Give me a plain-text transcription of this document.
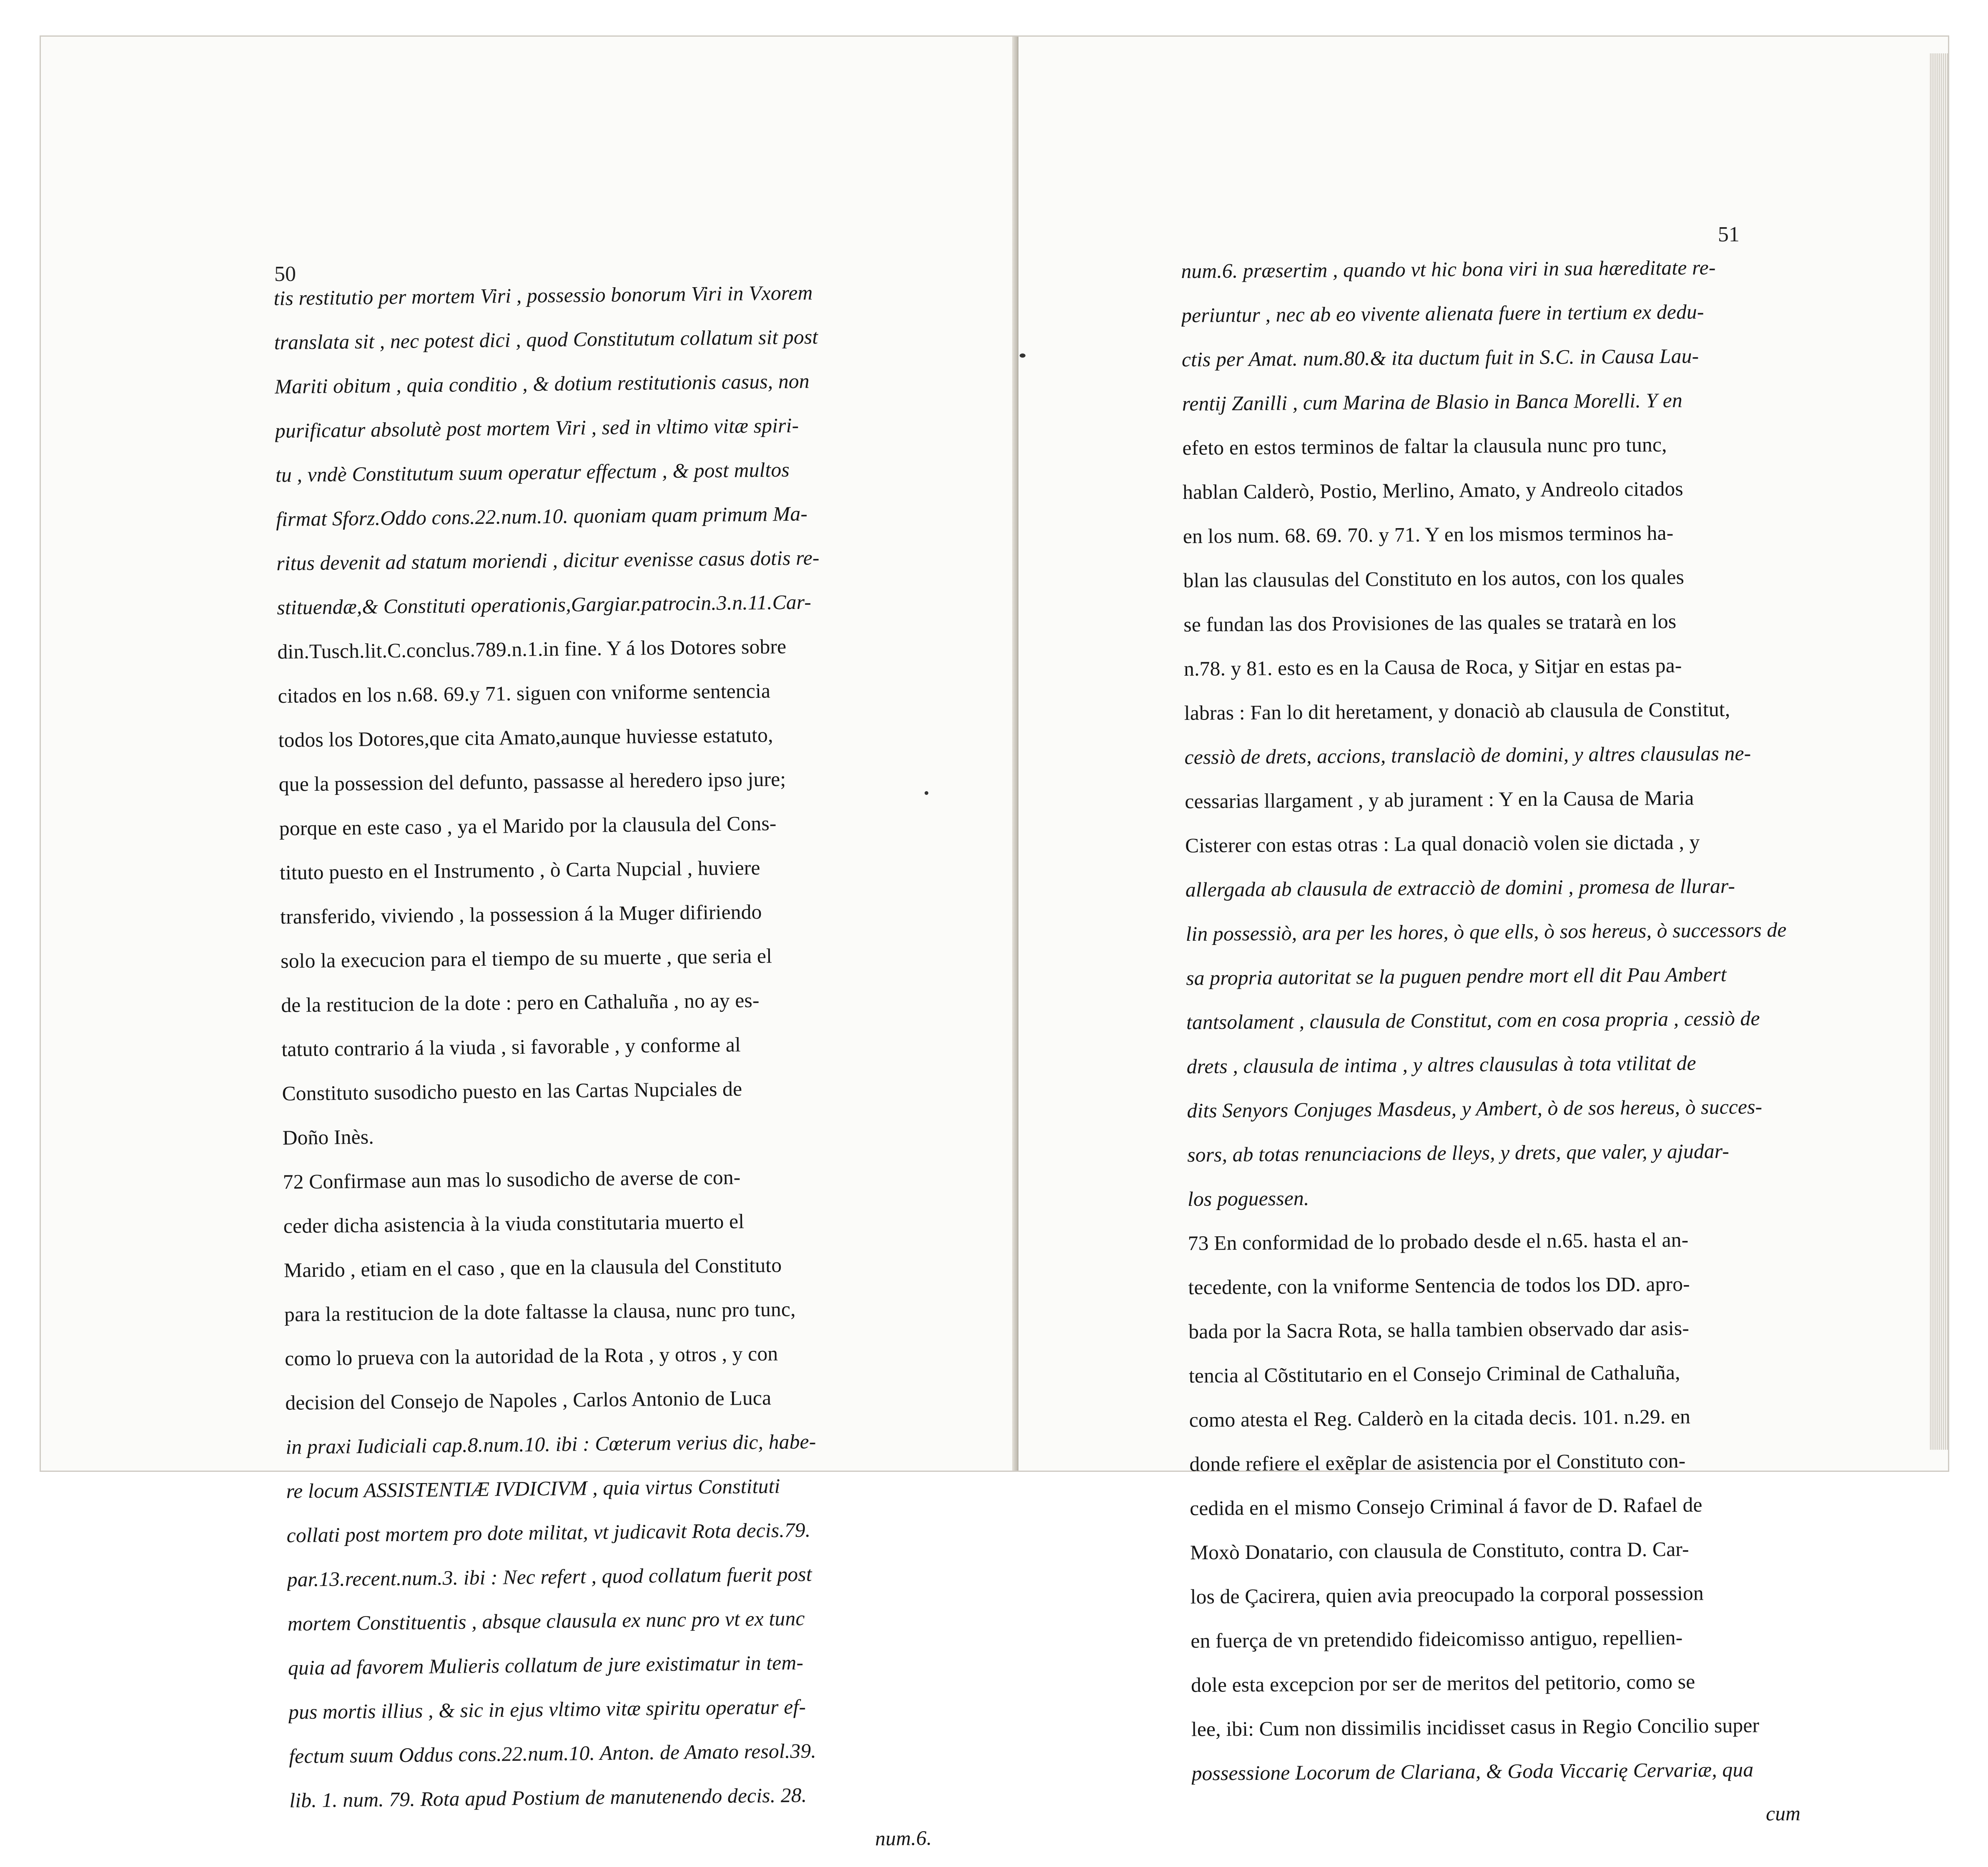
50
tis restitutio per mortem Viri , possessio bonorum Viri in Vxorem
translata sit , nec potest dici , quod Constitutum collatum sit post
Mariti obitum , quia conditio , & dotium restitutionis casus, non
purificatur absolutè post mortem Viri , sed in vltimo vitæ spiri-
tu , vndè Constitutum suum operatur effectum , & post multos
firmat Sforz.Oddo cons.22.num.10. quoniam quam primum Ma-
ritus devenit ad statum moriendi , dicitur evenisse casus dotis re-
stituendæ,& Constituti operationis,Gargiar.patrocin.3.n.11.Car-
din.Tusch.lit.C.conclus.789.n.1.in fine. Y á los Dotores sobre
citados en los n.68. 69.y 71. siguen con vniforme sentencia
todos los Dotores,que cita Amato,aunque huviesse estatuto,
que la possession del defunto, passasse al heredero ipso jure;
porque en este caso , ya el Marido por la clausula del Cons-
tituto puesto en el Instrumento , ò Carta Nupcial , huviere
transferido, viviendo , la possession á la Muger difiriendo
solo la execucion para el tiempo de su muerte , que seria el
de la restitucion de la dote : pero en Cathaluña , no ay es-
tatuto contrario á la viuda , si favorable , y conforme al
Constituto susodicho puesto en las Cartas Nupciales de
Doño Inès.
72 Confirmase aun mas lo susodicho de averse de con-
ceder dicha asistencia à la viuda constitutaria muerto el
Marido , etiam en el caso , que en la clausula del Constituto
para la restitucion de la dote faltasse la clausa, nunc pro tunc,
como lo prueva con la autoridad de la Rota , y otros , y con
decision del Consejo de Napoles , Carlos Antonio de Luca
in praxi Iudiciali cap.8.num.10. ibi : Cœterum verius dic, habe-
re locum ASSISTENTIÆ IVDICIVM , quia virtus Constituti
collati post mortem pro dote militat, vt judicavit Rota decis.79.
par.13.recent.num.3. ibi : Nec refert , quod collatum fuerit post
mortem Constituentis , absque clausula ex nunc pro vt ex tunc
quia ad favorem Mulieris collatum de jure existimatur in tem-
pus mortis illius , & sic in ejus vltimo vitæ spiritu operatur ef-
fectum suum Oddus cons.22.num.10. Anton. de Amato resol.39.
lib. 1. num. 79. Rota apud Postium de manutenendo decis. 28.
num.6.
51
num.6. præsertim , quando vt hic bona viri in sua hæreditate re-
periuntur , nec ab eo vivente alienata fuere in tertium ex dedu-
ctis per Amat. num.80.& ita ductum fuit in S.C. in Causa Lau-
rentij Zanilli , cum Marina de Blasio in Banca Morelli. Y en
efeto en estos terminos de faltar la clausula nunc pro tunc,
hablan Calderò, Postio, Merlino, Amato, y Andreolo citados
en los num. 68. 69. 70. y 71. Y en los mismos terminos ha-
blan las clausulas del Constituto en los autos, con los quales
se fundan las dos Provisiones de las quales se tratarà en los
n.78. y 81. esto es en la Causa de Roca, y Sitjar en estas pa-
labras : Fan lo dit heretament, y donaciò ab clausula de Constitut,
cessiò de drets, accions, translaciò de domini, y altres clausulas ne-
cessarias llargament , y ab jurament : Y en la Causa de Maria
Cisterer con estas otras : La qual donaciò volen sie dictada , y
allergada ab clausula de extracciò de domini , promesa de llurar-
lin possessiò, ara per les hores, ò que ells, ò sos hereus, ò successors de
sa propria autoritat se la puguen pendre mort ell dit Pau Ambert
tantsolament , clausula de Constitut, com en cosa propria , cessiò de
drets , clausula de intima , y altres clausulas à tota vtilitat de
dits Senyors Conjuges Masdeus, y Ambert, ò de sos hereus, ò succes-
sors, ab totas renunciacions de lleys, y drets, que valer, y ajudar-
los poguessen.
73 En conformidad de lo probado desde el n.65. hasta el an-
tecedente, con la vniforme Sentencia de todos los DD. apro-
bada por la Sacra Rota, se halla tambien observado dar asis-
tencia al Cõstitutario en el Consejo Criminal de Cathaluña,
como atesta el Reg. Calderò en la citada decis. 101. n.29. en
donde refiere el exẽplar de asistencia por el Constituto con-
cedida en el mismo Consejo Criminal á favor de D. Rafael de
Moxò Donatario, con clausula de Constituto, contra D. Car-
los de Çacirera, quien avia preocupado la corporal possession
en fuerça de vn pretendido fideicomisso antiguo, repellien-
dole esta excepcion por ser de meritos del petitorio, como se
lee, ibi: Cum non dissimilis incidisset casus in Regio Concilio super
possessione Locorum de Clariana, & Goda Viccarię Cervariæ, qua
cum
